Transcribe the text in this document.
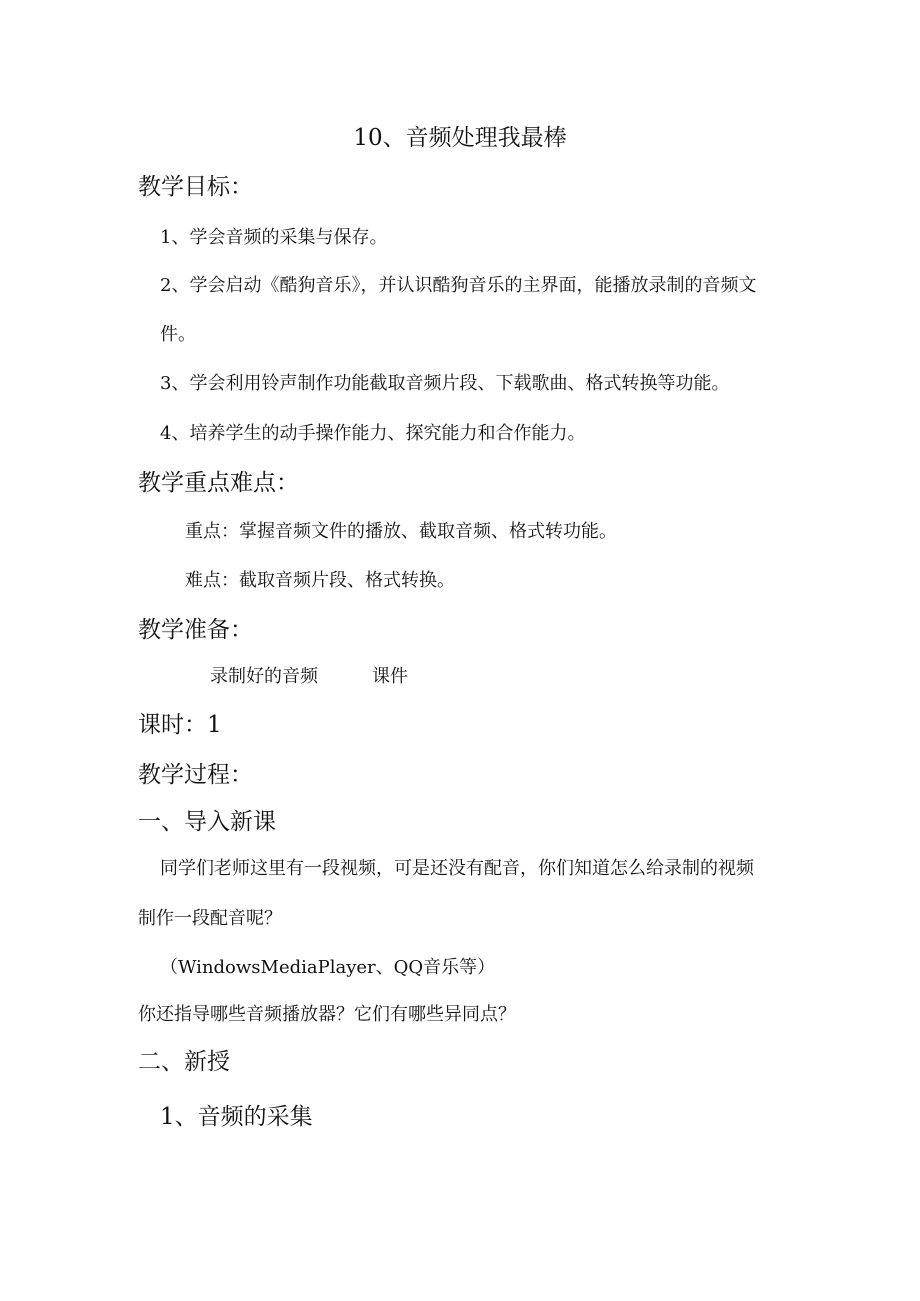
10、音频处理我最棒
教学目标：
1、学会音频的采集与保存。
2、学会启动《酷狗音乐》，并认识酷狗音乐的主界面，能播放录制的音频文
件。
3、学会利用铃声制作功能截取音频片段、下载歌曲、格式转换等功能。
4、培养学生的动手操作能力、探究能力和合作能力。
教学重点难点：
重点：掌握音频文件的播放、截取音频、格式转功能。
难点：截取音频片段、格式转换。
教学准备：
录制好的音频	课件
课时：1
教学过程：
一、导入新课
同学们老师这里有一段视频，可是还没有配音，你们知道怎么给录制的视频
制作一段配音呢？
（WindowsMediaPlayer、QQ音乐等）
你还指导哪些音频播放器？它们有哪些异同点？
二、新授
1、音频的采集
